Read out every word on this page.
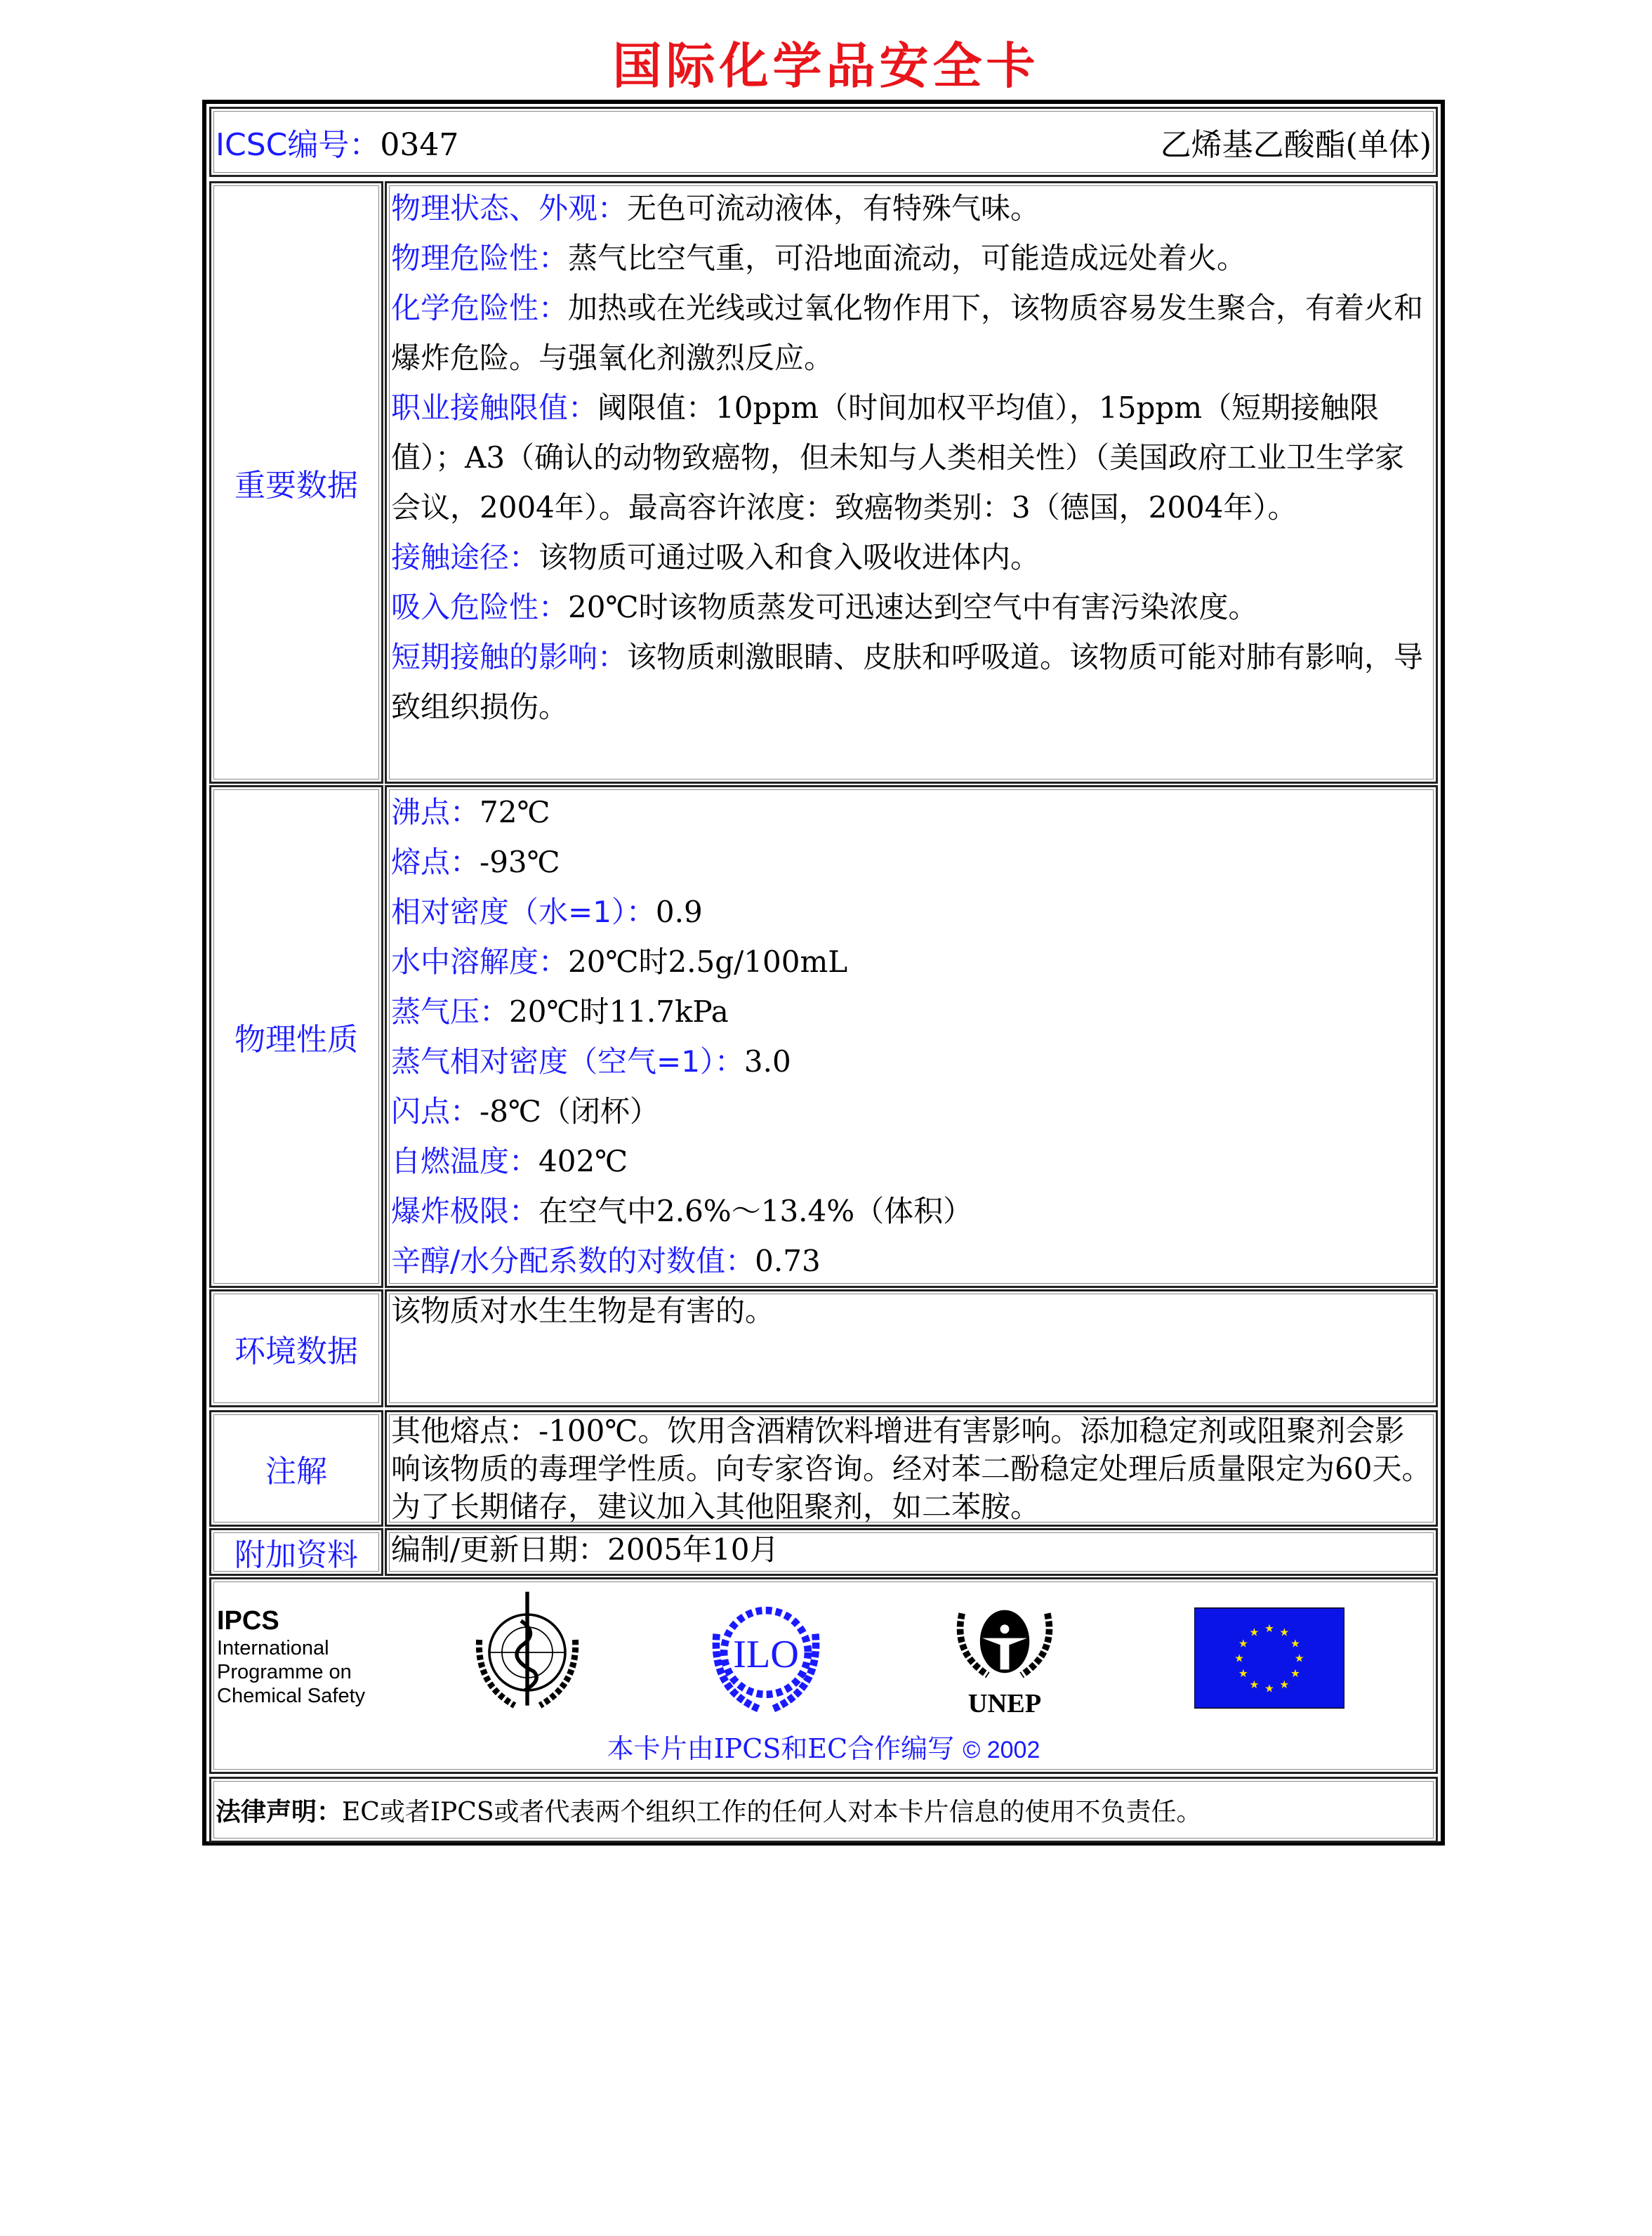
国际化学品安全卡
ICSC编号：0347	乙烯基乙酸酯(单体)
重要数据
物理状态、外观：无色可流动液体，有特殊气味。
物理危险性：蒸气比空气重，可沿地面流动，可能造成远处着火。
化学危险性：加热或在光线或过氧化物作用下，该物质容易发生聚合，有着火和爆炸危险。与强氧化剂激烈反应。
职业接触限值：阈限值：10ppm（时间加权平均值），15ppm（短期接触限值）；A3（确认的动物致癌物，但未知与人类相关性）（美国政府工业卫生学家会议，2004年）。最高容许浓度：致癌物类别：3（德国，2004年）。
接触途径：该物质可通过吸入和食入吸收进体内。
吸入危险性：20℃时该物质蒸发可迅速达到空气中有害污染浓度。
短期接触的影响：该物质刺激眼睛、皮肤和呼吸道。该物质可能对肺有影响，导致组织损伤。
物理性质
沸点：72℃
熔点：-93℃
相对密度（水=1）：0.9
水中溶解度：20℃时2.5g/100mL
蒸气压：20℃时11.7kPa
蒸气相对密度（空气=1）：3.0
闪点：-8℃（闭杯）
自燃温度：402℃
爆炸极限：在空气中2.6%～13.4%（体积）
辛醇/水分配系数的对数值：0.73
环境数据
该物质对水生生物是有害的。
注解
其他熔点：-100℃。饮用含酒精饮料增进有害影响。添加稳定剂或阻聚剂会影响该物质的毒理学性质。向专家咨询。经对苯二酚稳定处理后质量限定为60天。为了长期储存，建议加入其他阻聚剂，如二苯胺。
附加资料	编制/更新日期：2005年10月
IPCS
International
Programme on
Chemical Safety
ILO
UNEP
★
★
★
★
★
★
★
★
★ ★ ★
★
本卡片由IPCS和EC合作编写 © 2002
法律声明： EC或者IPCS或者代表两个组织工作的任何人对本卡片信息的使用不负责任。
